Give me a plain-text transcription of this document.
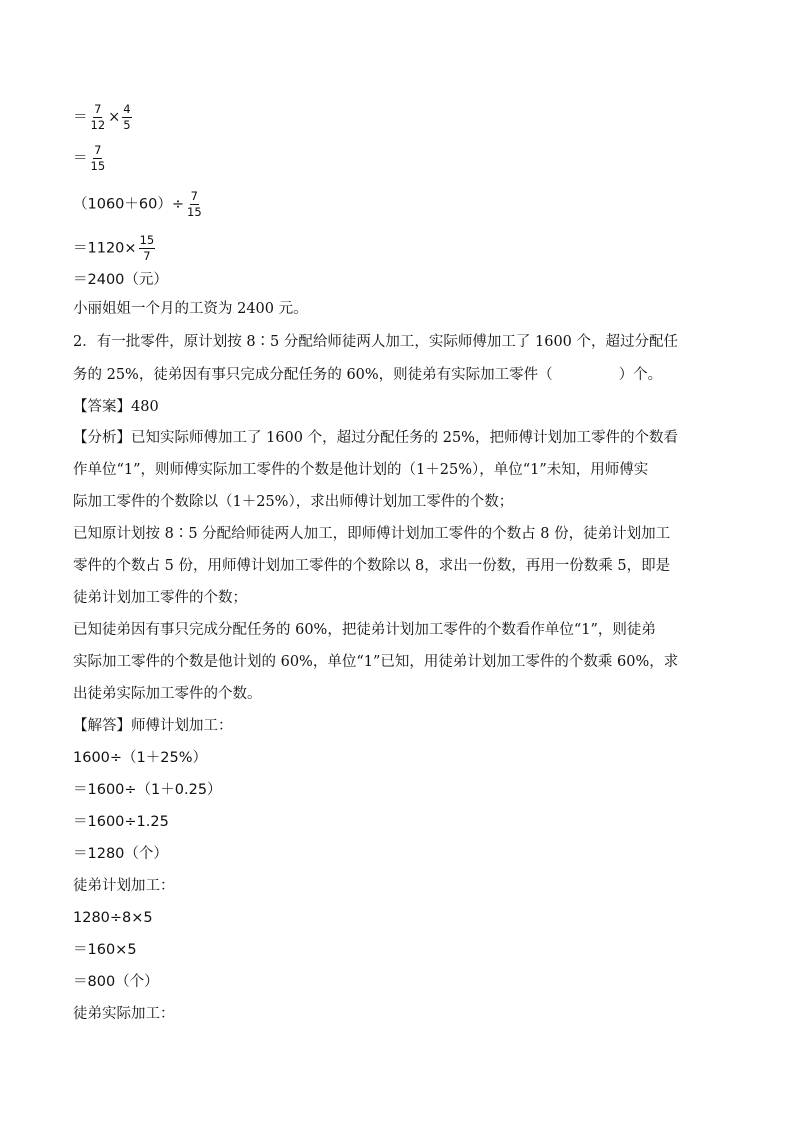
＝ $\frac{7}{12} \times \frac{4}{5}$
＝ $\frac{7}{15}$
$(1060+60)\div \frac{7}{15}$
$=1120\times \frac{15}{7}$
＝2400（元）
小丽姐姐一个月的工资为 2400 元。
2．有一批零件，原计划按 8∶5 分配给师徒两人加工，实际师傅加工了 1600 个，超过分配任
务的 25%，徒弟因有事只完成分配任务的 60%，则徒弟有实际加工零件（	）个。
【答案】480
【分析】已知实际师傅加工了 1600 个，超过分配任务的 25%，把师傅计划加工零件的个数看
作单位“1”，则师傅实际加工零件的个数是他计划的（1＋25%），单位“1”未知，用师傅实
际加工零件的个数除以（1＋25%），求出师傅计划加工零件的个数；
已知原计划按 8∶5 分配给师徒两人加工，即师傅计划加工零件的个数占 8 份，徒弟计划加工
零件的个数占 5 份，用师傅计划加工零件的个数除以 8，求出一份数，再用一份数乘 5，即是
徒弟计划加工零件的个数；
已知徒弟因有事只完成分配任务的 60%，把徒弟计划加工零件的个数看作单位“1”，则徒弟
实际加工零件的个数是他计划的 60%，单位“1”已知，用徒弟计划加工零件的个数乘 60%，求
出徒弟实际加工零件的个数。
【解答】师傅计划加工：
1600÷（1＋25%）
＝1600÷（1＋0.25）
＝1600÷1.25
＝1280（个）
徒弟计划加工：
1280÷8×5
＝160×5
＝800（个）
徒弟实际加工：
